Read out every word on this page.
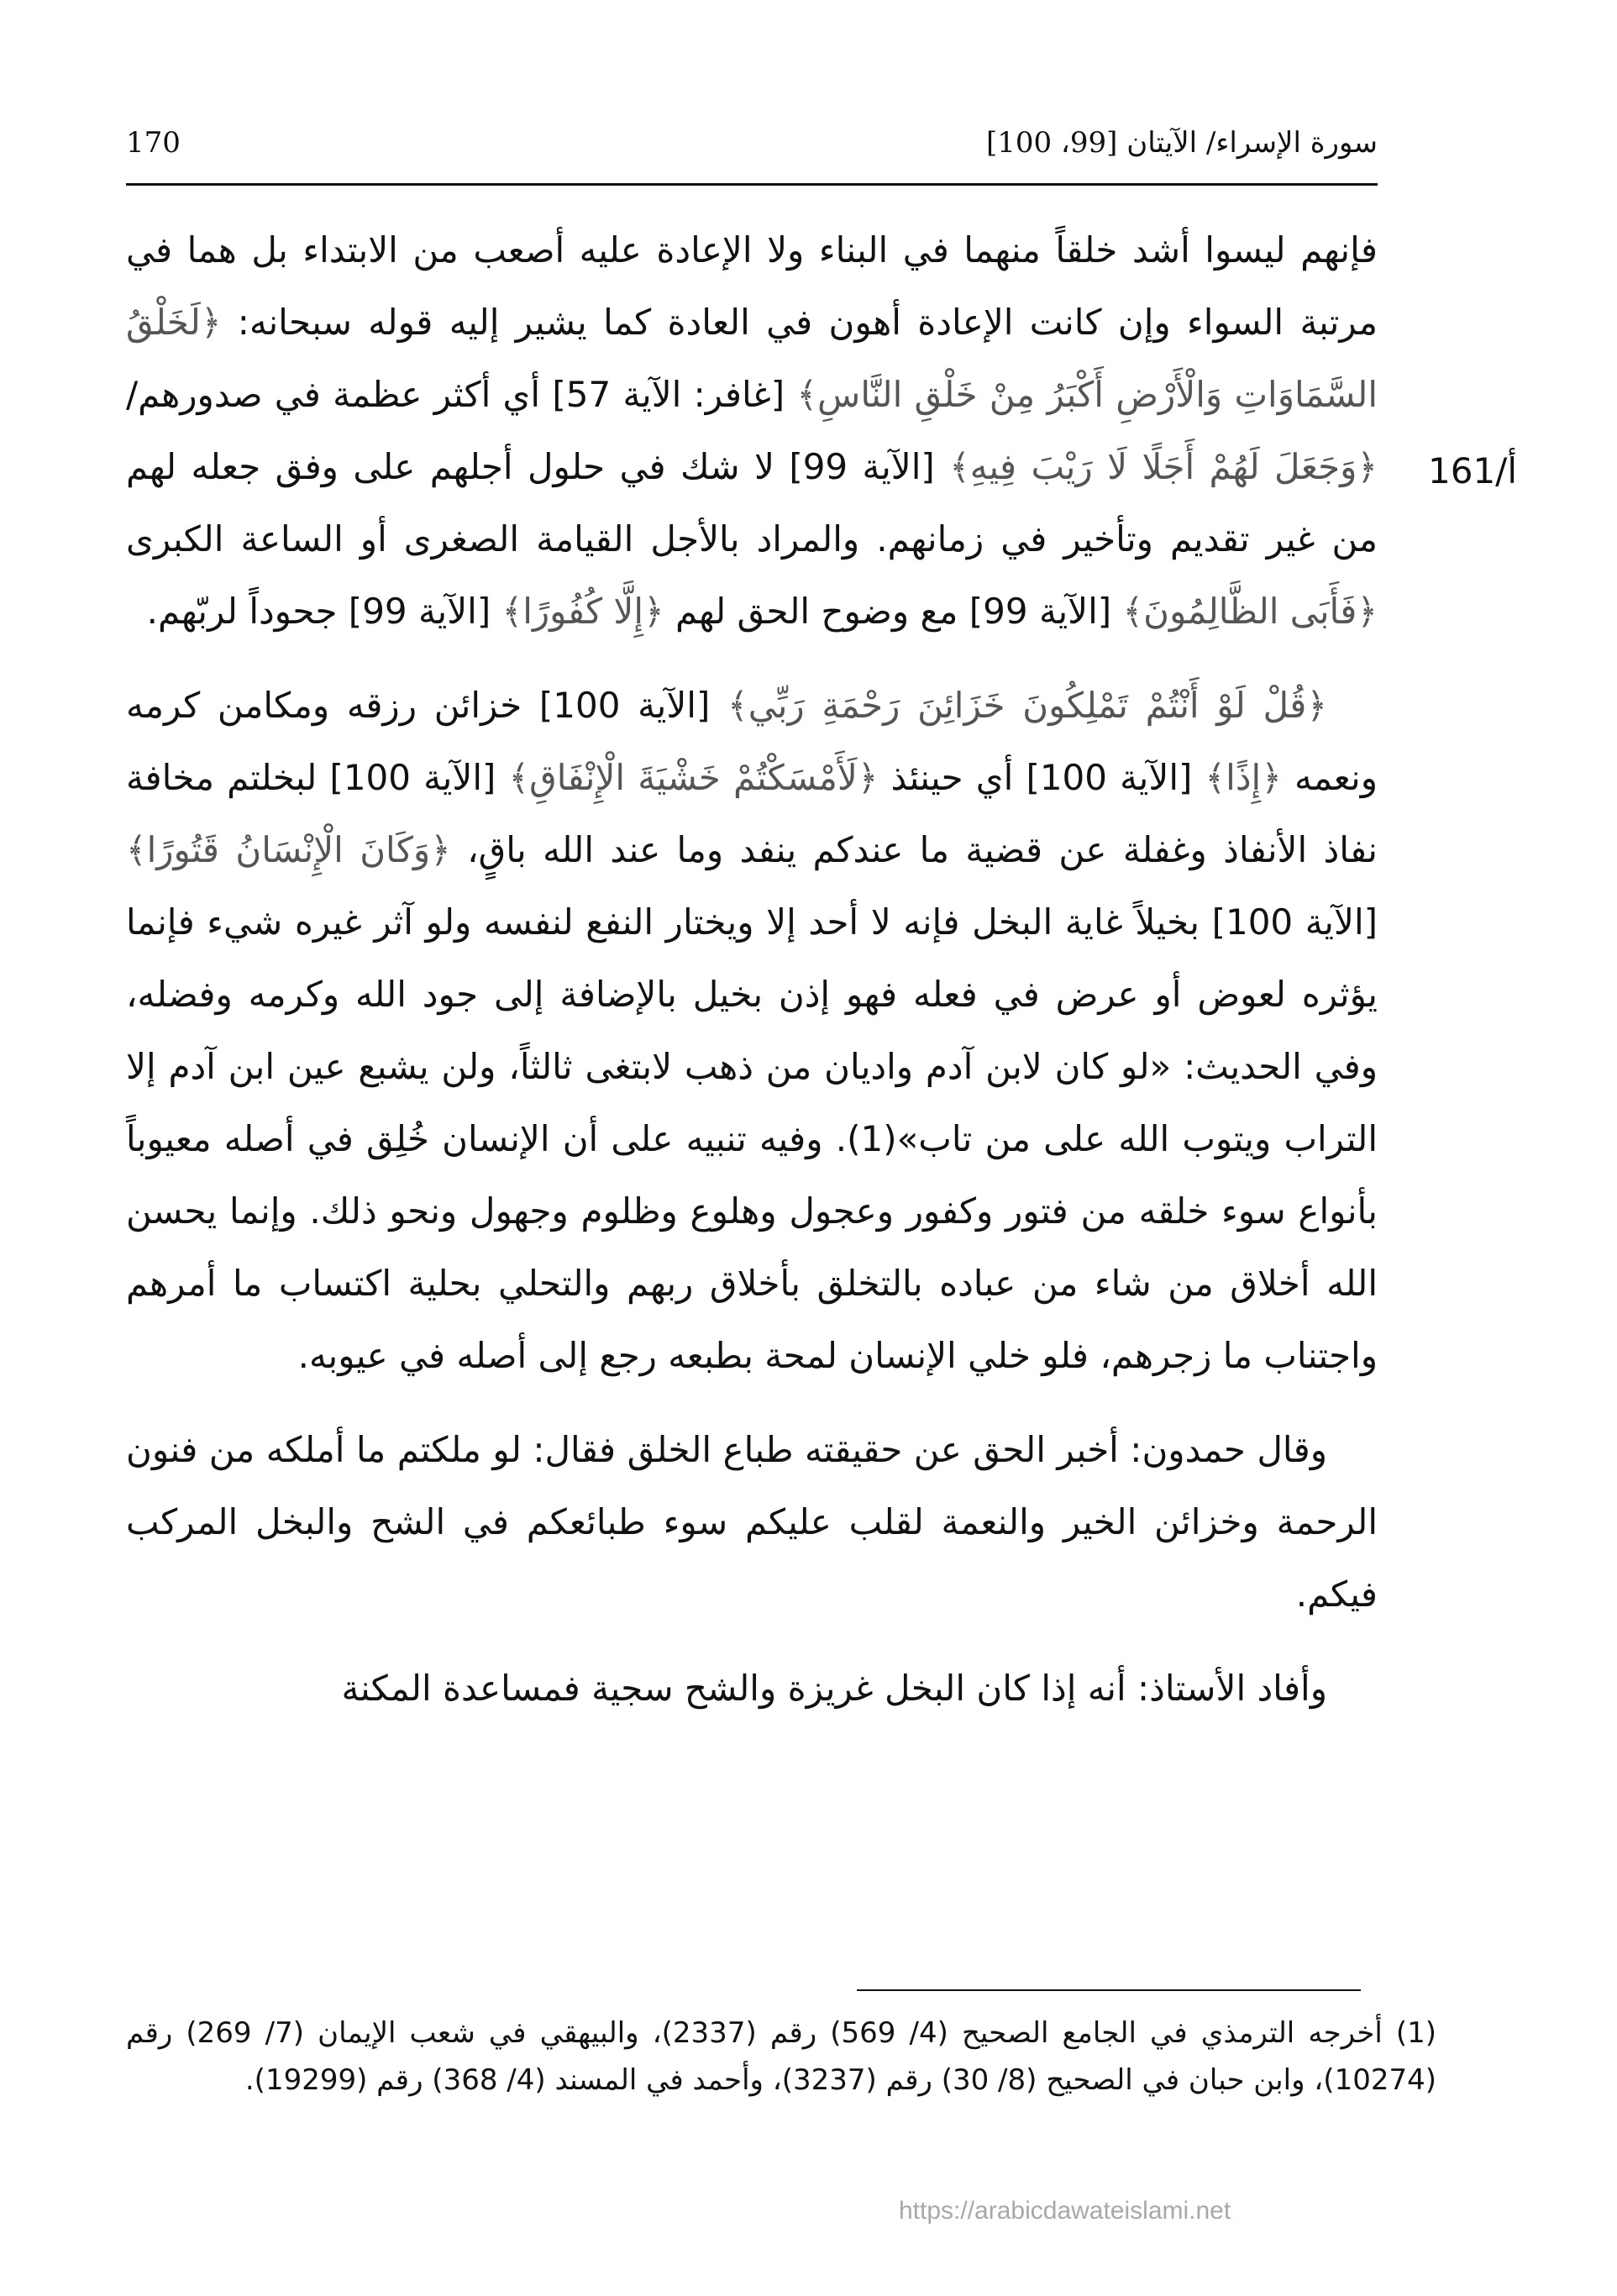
170	سورة الإسراء/ الآيتان [99، 100]
161/أ

فإنهم ليسوا أشد خلقاً منهما في البناء ولا الإعادة عليه أصعب من الابتداء بل هما في مرتبة السواء وإن كانت الإعادة أهون في العادة كما يشير إليه قوله سبحانه: ﴿لَخَلْقُ السَّمَاوَاتِ وَالْأَرْضِ أَكْبَرُ مِنْ خَلْقِ النَّاسِ﴾ [غافر: الآية 57] أي أكثر عظمة في صدورهم/ ﴿وَجَعَلَ لَهُمْ أَجَلًا لَا رَيْبَ فِيهِ﴾ [الآية 99] لا شك في حلول أجلهم على وفق جعله لهم من غير تقديم وتأخير في زمانهم. والمراد بالأجل القيامة الصغرى أو الساعة الكبرى ﴿فَأَبَى الظَّالِمُونَ﴾ [الآية 99] مع وضوح الحق لهم ﴿إِلَّا كُفُورًا﴾ [الآية 99] جحوداً لربّهم.

﴿قُلْ لَوْ أَنْتُمْ تَمْلِكُونَ خَزَائِنَ رَحْمَةِ رَبِّي﴾ [الآية 100] خزائن رزقه ومكامن كرمه ونعمه ﴿إِذًا﴾ [الآية 100] أي حينئذ ﴿لَأَمْسَكْتُمْ خَشْيَةَ الْإِنْفَاقِ﴾ [الآية 100] لبخلتم مخافة نفاذ الأنفاذ وغفلة عن قضية ما عندكم ينفد وما عند الله باقٍ، ﴿وَكَانَ الْإِنْسَانُ قَتُورًا﴾ [الآية 100] بخيلاً غاية البخل فإنه لا أحد إلا ويختار النفع لنفسه ولو آثر غيره شيء فإنما يؤثره لعوض أو عرض في فعله فهو إذن بخيل بالإضافة إلى جود الله وكرمه وفضله، وفي الحديث: «لو كان لابن آدم واديان من ذهب لابتغى ثالثاً، ولن يشبع عين ابن آدم إلا التراب ويتوب الله على من تاب»(1). وفيه تنبيه على أن الإنسان خُلِق في أصله معيوباً بأنواع سوء خلقه من فتور وكفور وعجول وهلوع وظلوم وجهول ونحو ذلك. وإنما يحسن الله أخلاق من شاء من عباده بالتخلق بأخلاق ربهم والتحلي بحلية اكتساب ما أمرهم واجتناب ما زجرهم، فلو خلي الإنسان لمحة بطبعه رجع إلى أصله في عيوبه.

وقال حمدون: أخبر الحق عن حقيقته طباع الخلق فقال: لو ملكتم ما أملكه من فنون الرحمة وخزائن الخير والنعمة لقلب عليكم سوء طبائعكم في الشح والبخل المركب فيكم.

وأفاد الأستاذ: أنه إذا كان البخل غريزة والشح سجية فمساعدة المكنة

(1)أخرجه الترمذي في الجامع الصحيح (4/ 569) رقم (2337)، والبيهقي في شعب الإيمان (7/ 269) رقم (10274)، وابن حبان في الصحيح (8/ 30) رقم (3237)، وأحمد في المسند (4/ 368) رقم (19299).
https://arabicdawateislami.net
